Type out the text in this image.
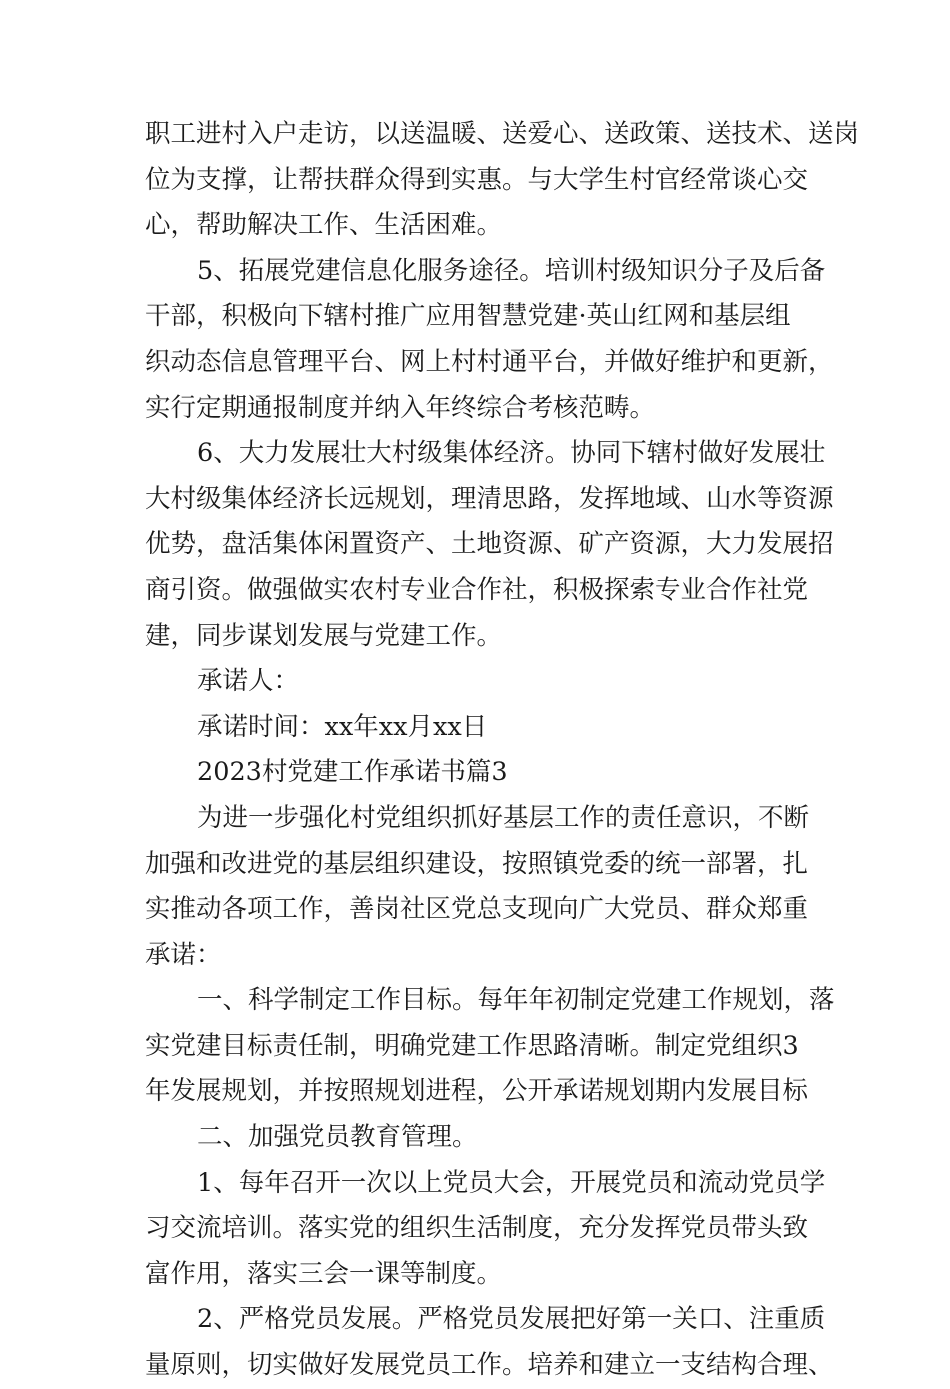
职工进村入户走访，以送温暖、送爱心、送政策、送技术、送岗
位为支撑，让帮扶群众得到实惠。与大学生村官经常谈心交
心，帮助解决工作、生活困难。
5、拓展党建信息化服务途径。培训村级知识分子及后备
干部，积极向下辖村推广应用智慧党建·英山红网和基层组
织动态信息管理平台、网上村村通平台，并做好维护和更新，
实行定期通报制度并纳入年终综合考核范畴。
6、大力发展壮大村级集体经济。协同下辖村做好发展壮
大村级集体经济长远规划，理清思路，发挥地域、山水等资源
优势，盘活集体闲置资产、土地资源、矿产资源，大力发展招
商引资。做强做实农村专业合作社，积极探索专业合作社党
建，同步谋划发展与党建工作。
承诺人：
承诺时间：xx年xx月xx日
2023村党建工作承诺书篇3
为进一步强化村党组织抓好基层工作的责任意识，不断
加强和改进党的基层组织建设，按照镇党委的统一部署，扎
实推动各项工作，善岗社区党总支现向广大党员、群众郑重
承诺：
一、科学制定工作目标。每年年初制定党建工作规划，落
实党建目标责任制，明确党建工作思路清晰。制定党组织3
年发展规划，并按照规划进程，公开承诺规划期内发展目标
二、加强党员教育管理。
1、每年召开一次以上党员大会，开展党员和流动党员学
习交流培训。落实党的组织生活制度，充分发挥党员带头致
富作用，落实三会一课等制度。
2、严格党员发展。严格党员发展把好第一关口、注重质
量原则，切实做好发展党员工作。培养和建立一支结构合理、
